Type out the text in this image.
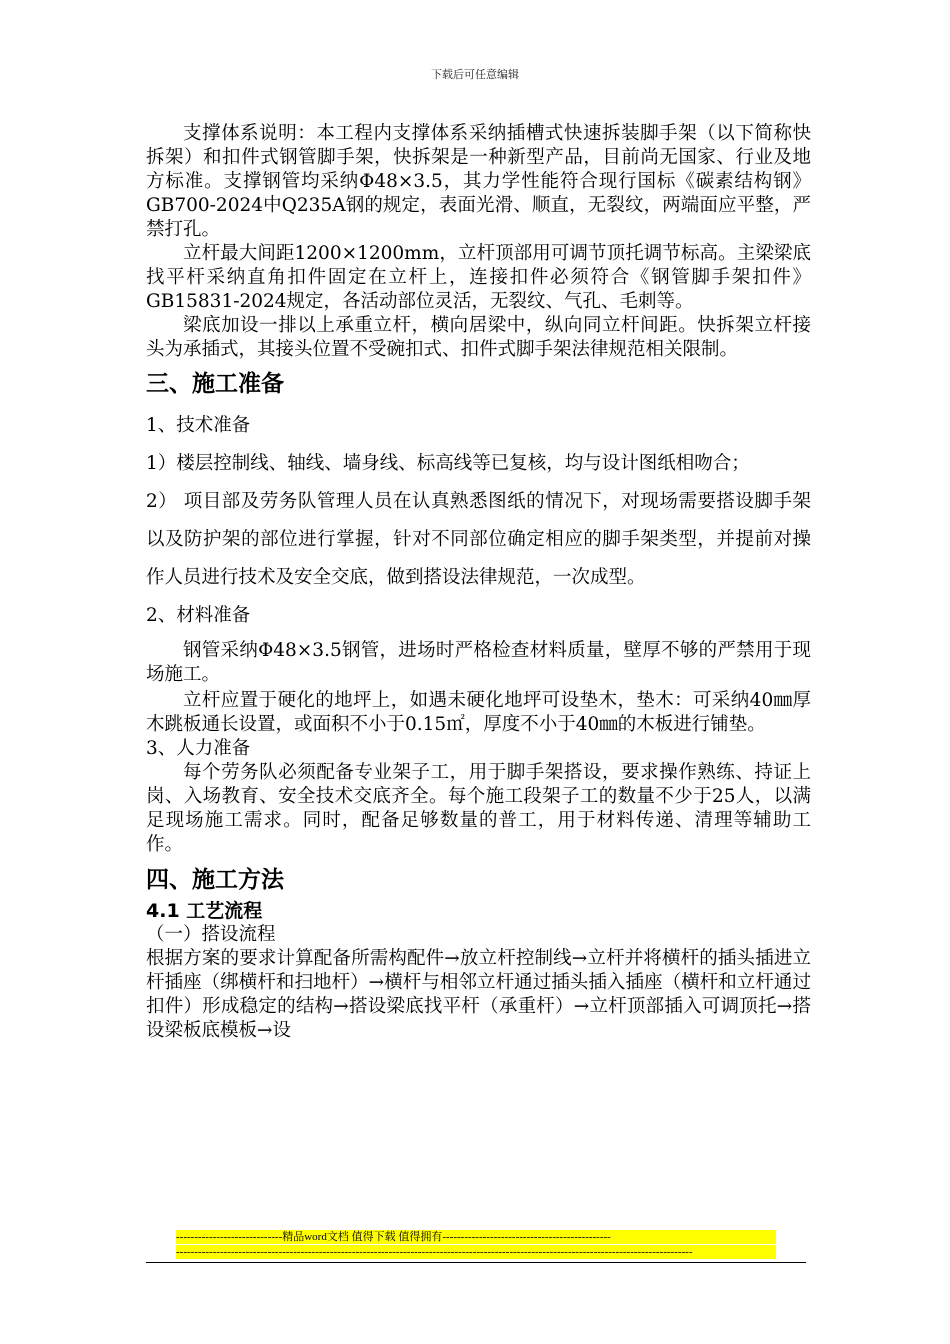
下载后可任意编辑

支撑体系说明：本工程内支撑体系采纳插槽式快速拆装脚手架（以下简称快拆架）和扣件式钢管脚手架，快拆架是一种新型产品，目前尚无国家、行业及地方标准。支撑钢管均采纳Φ48×3.5，其力学性能符合现行国标《碳素结构钢》GB700-2024中Q235A钢的规定，表面光滑、顺直，无裂纹，两端面应平整，严禁打孔。

立杆最大间距1200×1200mm，立杆顶部用可调节顶托调节标高。主梁梁底找平杆采纳直角扣件固定在立杆上，连接扣件必须符合《钢管脚手架扣件》GB15831-2024规定，各活动部位灵活，无裂纹、气孔、毛刺等。

梁底加设一排以上承重立杆，横向居梁中，纵向同立杆间距。快拆架立杆接头为承插式，其接头位置不受碗扣式、扣件式脚手架法律规范相关限制。

三、施工准备

1、技术准备

1）楼层控制线、轴线、墙身线、标高线等已复核，均与设计图纸相吻合；

2） 项目部及劳务队管理人员在认真熟悉图纸的情况下，对现场需要搭设脚手架以及防护架的部位进行掌握，针对不同部位确定相应的脚手架类型，并提前对操作人员进行技术及安全交底，做到搭设法律规范，一次成型。

2、材料准备

钢管采纳Φ48×3.5钢管，进场时严格检查材料质量，壁厚不够的严禁用于现场施工。

立杆应置于硬化的地坪上，如遇未硬化地坪可设垫木，垫木：可采纳40㎜厚木跳板通长设置，或面积不小于0.15㎡，厚度不小于40㎜的木板进行铺垫。

3、人力准备

每个劳务队必须配备专业架子工，用于脚手架搭设，要求操作熟练、持证上岗、入场教育、安全技术交底齐全。每个施工段架子工的数量不少于25人，以满足现场施工需求。同时，配备足够数量的普工，用于材料传递、清理等辅助工作。

四、施工方法
4.1 工艺流程

（一）搭设流程

根据方案的要求计算配备所需构配件→放立杆控制线→立杆并将横杆的插头插进立杆插座（绑横杆和扫地杆）→横杆与相邻立杆通过插头插入插座（横杆和立杆通过扣件）形成稳定的结构→搭设梁底找平杆（承重杆）→立杆顶部插入可调顶托→搭设梁板底模板→设

-----------------------------精品word文档 值得下载 值得拥有----------------------------------------------
---------------------------------------------------------------------------------------------------------------------------------------------
